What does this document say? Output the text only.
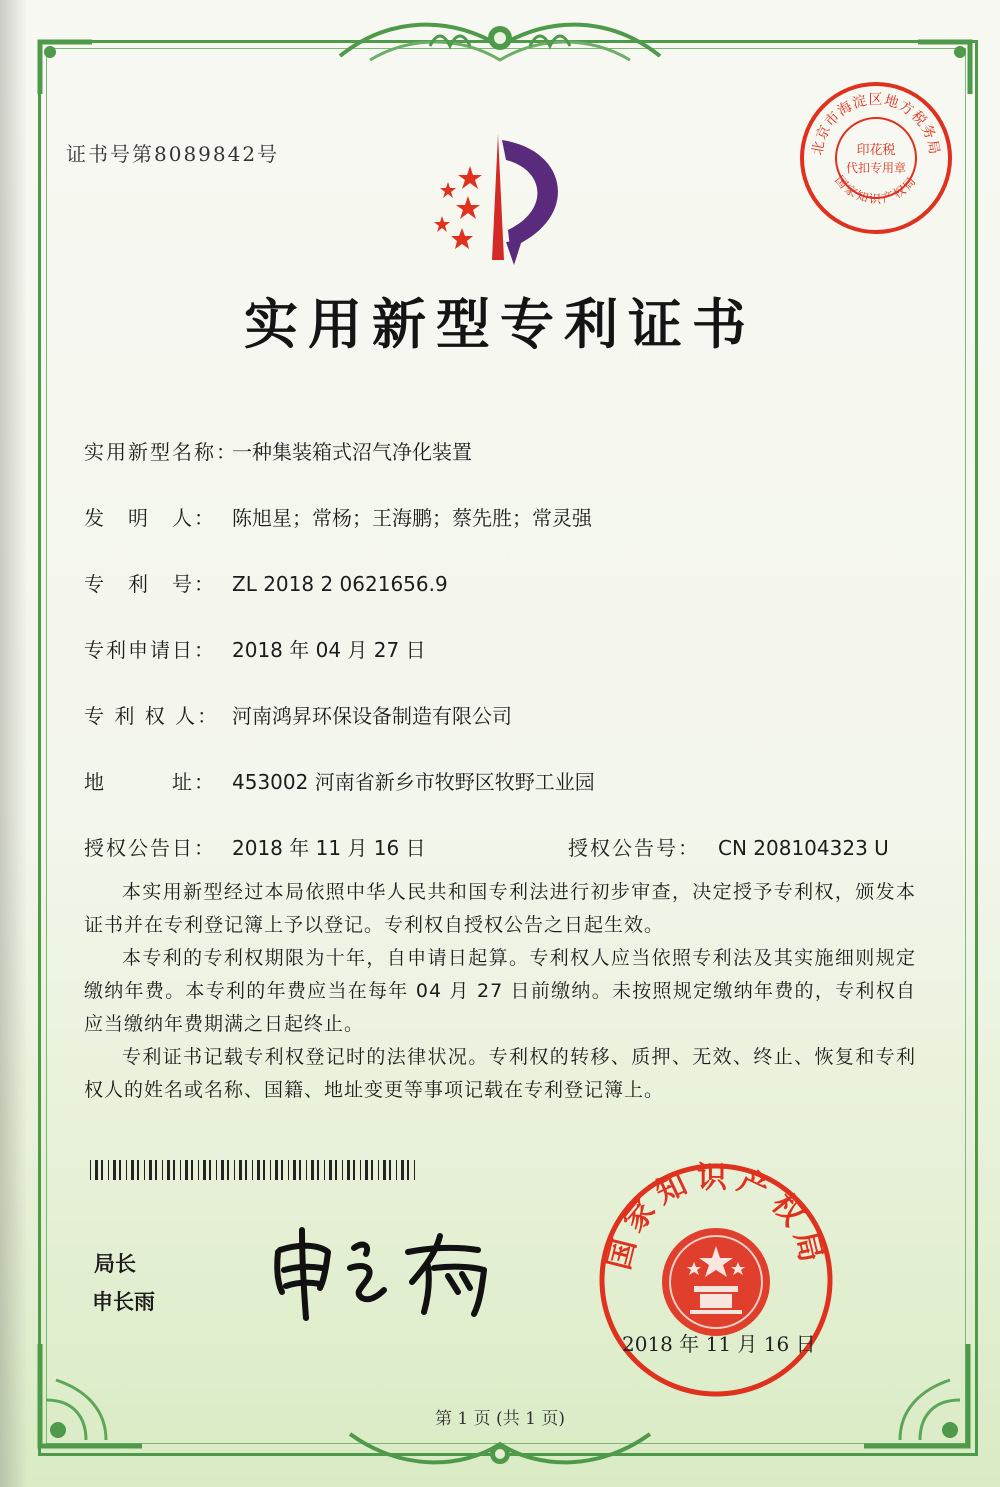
证书号第8089842号	北京市海淀区地方税务局
印花税
代扣专用章
国家知识产权局
实用新型专利证书
实用新型名称：一种集装箱式沼气净化装置
发　明　人： 陈旭星；常杨；王海鹏；蔡先胜；常灵强
专　利　号： ZL 2018 2 0621656.9
专利申请日： 2018 年 04 月 27 日
专 利 权 人： 河南鸿昇环保设备制造有限公司
地　　　址： 453002 河南省新乡市牧野区牧野工业园
授权公告日： 2018 年 11 月 16 日	授权公告号： CN 208104323 U
本实用新型经过本局依照中华人民共和国专利法进行初步审查，决定授予专利权，颁发本证书并在专利登记簿上予以登记。专利权自授权公告之日起生效。
本专利的专利权期限为十年，自申请日起算。专利权人应当依照专利法及其实施细则规定缴纳年费。本专利的年费应当在每年 04 月 27 日前缴纳。未按照规定缴纳年费的，专利权自应当缴纳年费期满之日起终止。
专利证书记载专利权登记时的法律状况。专利权的转移、质押、无效、终止、恢复和专利权人的姓名或名称、国籍、地址变更等事项记载在专利登记簿上。
局长
申长雨
国家知识产权局
2018 年 11 月 16 日
第 1 页 (共 1 页)
